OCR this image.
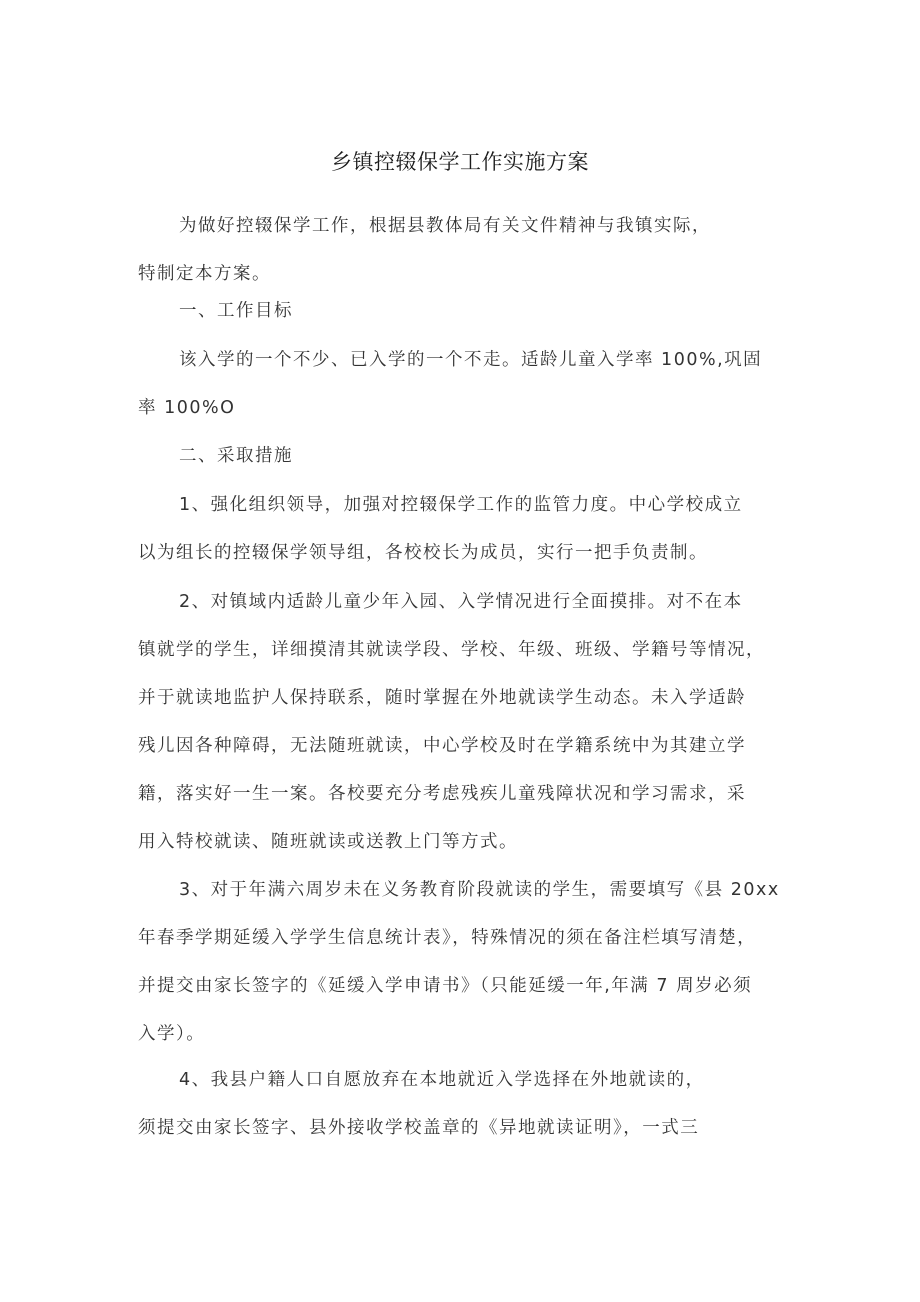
乡镇控辍保学工作实施方案
为做好控辍保学工作，根据县教体局有关文件精神与我镇实际，
特制定本方案。
一、工作目标
该入学的一个不少、已入学的一个不走。适龄儿童入学率 100%,巩固
率 100%O
二、采取措施
1、强化组织领导，加强对控辍保学工作的监管力度。中心学校成立
以为组长的控辍保学领导组，各校校长为成员，实行一把手负责制。
2、对镇域内适龄儿童少年入园、入学情况进行全面摸排。对不在本
镇就学的学生，详细摸清其就读学段、学校、年级、班级、学籍号等情况，
并于就读地监护人保持联系，随时掌握在外地就读学生动态。未入学适龄
残儿因各种障碍，无法随班就读，中心学校及时在学籍系统中为其建立学
籍，落实好一生一案。各校要充分考虑残疾儿童残障状况和学习需求，采
用入特校就读、随班就读或送教上门等方式。
3、对于年满六周岁未在义务教育阶段就读的学生，需要填写《县 20xx
年春季学期延缓入学学生信息统计表》，特殊情况的须在备注栏填写清楚，
并提交由家长签字的《延缓入学申请书》（只能延缓一年,年满 7 周岁必须
入学）。
4、我县户籍人口自愿放弃在本地就近入学选择在外地就读的，
须提交由家长签字、县外接收学校盖章的《异地就读证明》，一式三
